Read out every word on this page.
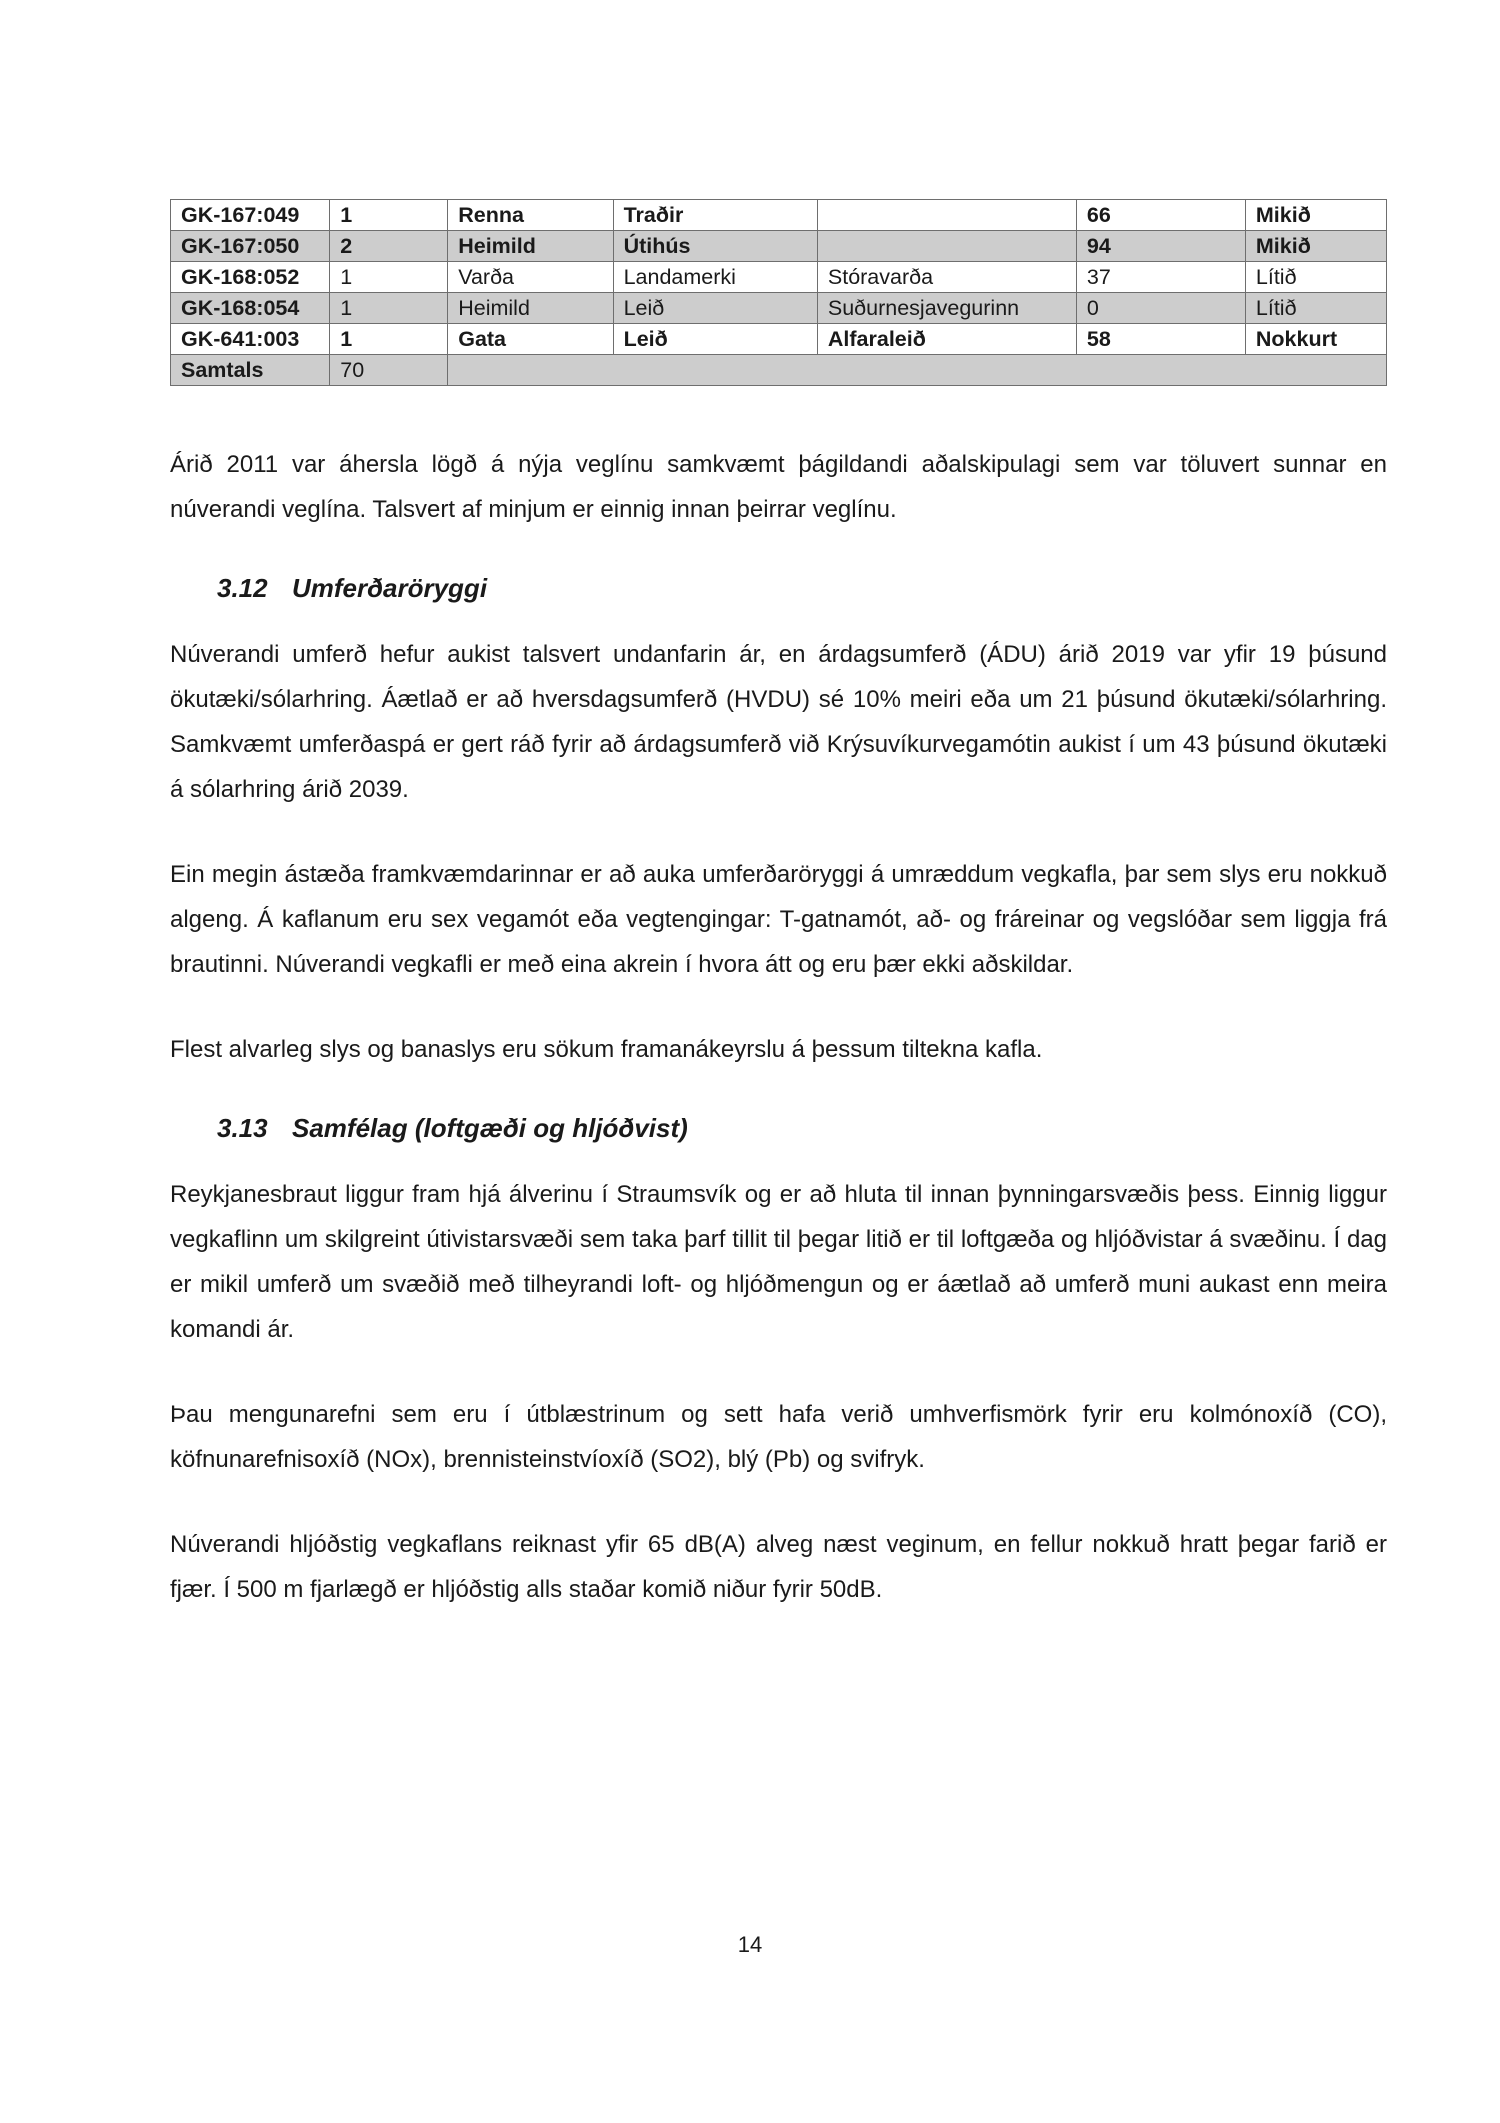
GK-167:049	1	Renna	Traðir		66	Mikið
GK-167:050	2	Heimild	Útihús		94	Mikið
GK-168:052	1	Varða	Landamerki	Stóravarða	37	Lítið
GK-168:054	1	Heimild	Leið	Suðurnesjavegurinn	0	Lítið
GK-641:003	1	Gata	Leið	Alfaraleið	58	Nokkurt
Samtals	70					

Árið 2011 var áhersla lögð á nýja veglínu samkvæmt þágildandi aðalskipulagi sem var töluvert sunnar en núverandi veglína. Talsvert af minjum er einnig innan þeirrar veglínu.

3.12 Umferðaröryggi

Núverandi umferð hefur aukist talsvert undanfarin ár, en árdagsumferð (ÁDU) árið 2019 var yfir 19 þúsund ökutæki/sólarhring. Áætlað er að hversdagsumferð (HVDU) sé 10% meiri eða um 21 þúsund ökutæki/sólarhring. Samkvæmt umferðaspá er gert ráð fyrir að árdagsumferð við Krýsuvíkurvegamótin aukist í um 43 þúsund ökutæki á sólarhring árið 2039.

Ein megin ástæða framkvæmdarinnar er að auka umferðaröryggi á umræddum vegkafla, þar sem slys eru nokkuð algeng. Á kaflanum eru sex vegamót eða vegtengingar: T-gatnamót, að- og fráreinar og vegslóðar sem liggja frá brautinni. Núverandi vegkafli er með eina akrein í hvora átt og eru þær ekki aðskildar.

Flest alvarleg slys og banaslys eru sökum framanákeyrslu á þessum tiltekna kafla.

3.13 Samfélag (loftgæði og hljóðvist)

Reykjanesbraut liggur fram hjá álverinu í Straumsvík og er að hluta til innan þynningarsvæðis þess. Einnig liggur vegkaflinn um skilgreint útivistarsvæði sem taka þarf tillit til þegar litið er til loftgæða og hljóðvistar á svæðinu. Í dag er mikil umferð um svæðið með tilheyrandi loft- og hljóðmengun og er áætlað að umferð muni aukast enn meira komandi ár.

Þau mengunarefni sem eru í útblæstrinum og sett hafa verið umhverfismörk fyrir eru kolmónoxíð (CO), köfnunarefnisoxíð (NOx), brennisteinstvíoxíð (SO2), blý (Pb) og svifryk.

Núverandi hljóðstig vegkaflans reiknast yfir 65 dB(A) alveg næst veginum, en fellur nokkuð hratt þegar farið er fjær. Í 500 m fjarlægð er hljóðstig alls staðar komið niður fyrir 50dB.

14
